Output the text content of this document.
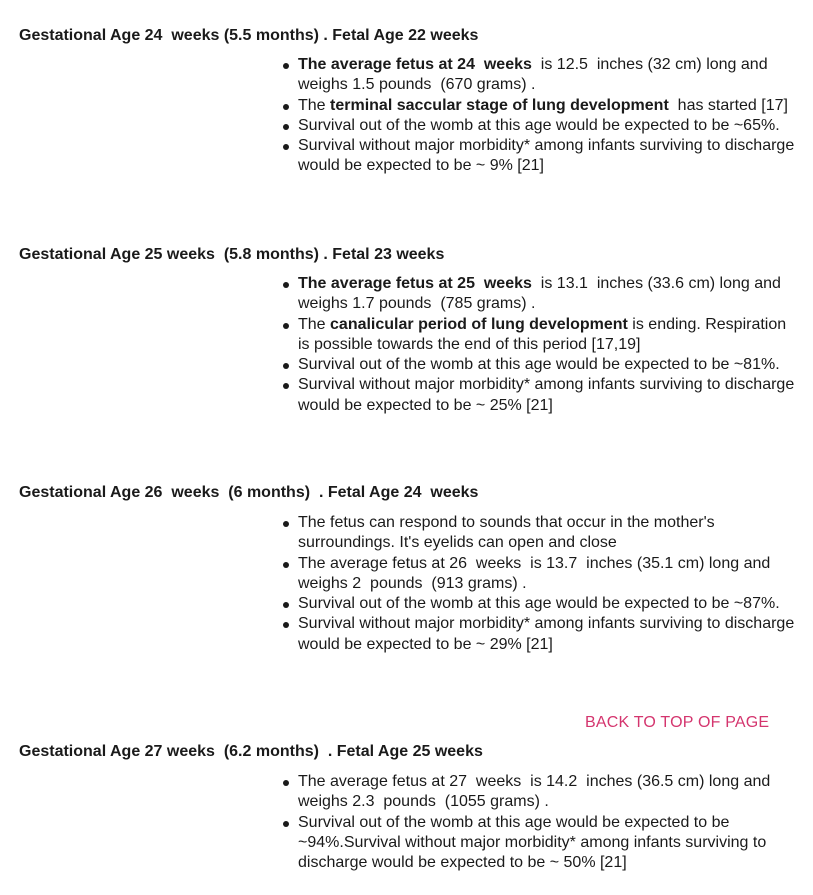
Gestational Age 24  weeks (5.5 months) . Fetal Age 22 weeks
The average fetus at 24  weeks  is 12.5  inches (32 cm) long and weighs 1.5 pounds  (670 grams) .
The terminal saccular stage of lung development  has started [17]
Survival out of the womb at this age would be expected to be ~65%.
Survival without major morbidity* among infants surviving to discharge would be expected to be ~ 9% [21]
Gestational Age 25 weeks  (5.8 months) . Fetal 23 weeks
The average fetus at 25  weeks  is 13.1  inches (33.6 cm) long and weighs 1.7 pounds  (785 grams) .
The canalicular period of lung development is ending. Respiration is possible towards the end of this period [17,19]
Survival out of the womb at this age would be expected to be ~81%.
Survival without major morbidity* among infants surviving to discharge would be expected to be ~ 25% [21]
Gestational Age 26  weeks  (6 months)  . Fetal Age 24  weeks
The fetus can respond to sounds that occur in the mother's surroundings. It's eyelids can open and close
The average fetus at 26  weeks  is 13.7  inches (35.1 cm) long and weighs 2  pounds  (913 grams) .
Survival out of the womb at this age would be expected to be ~87%.
Survival without major morbidity* among infants surviving to discharge would be expected to be ~ 29% [21]
BACK TO TOP OF PAGE
Gestational Age 27 weeks  (6.2 months)  . Fetal Age 25 weeks
The average fetus at 27  weeks  is 14.2  inches (36.5 cm) long and weighs 2.3  pounds  (1055 grams) .
Survival out of the womb at this age would be expected to be ~94%.Survival without major morbidity* among infants surviving to discharge would be expected to be ~ 50% [21]
